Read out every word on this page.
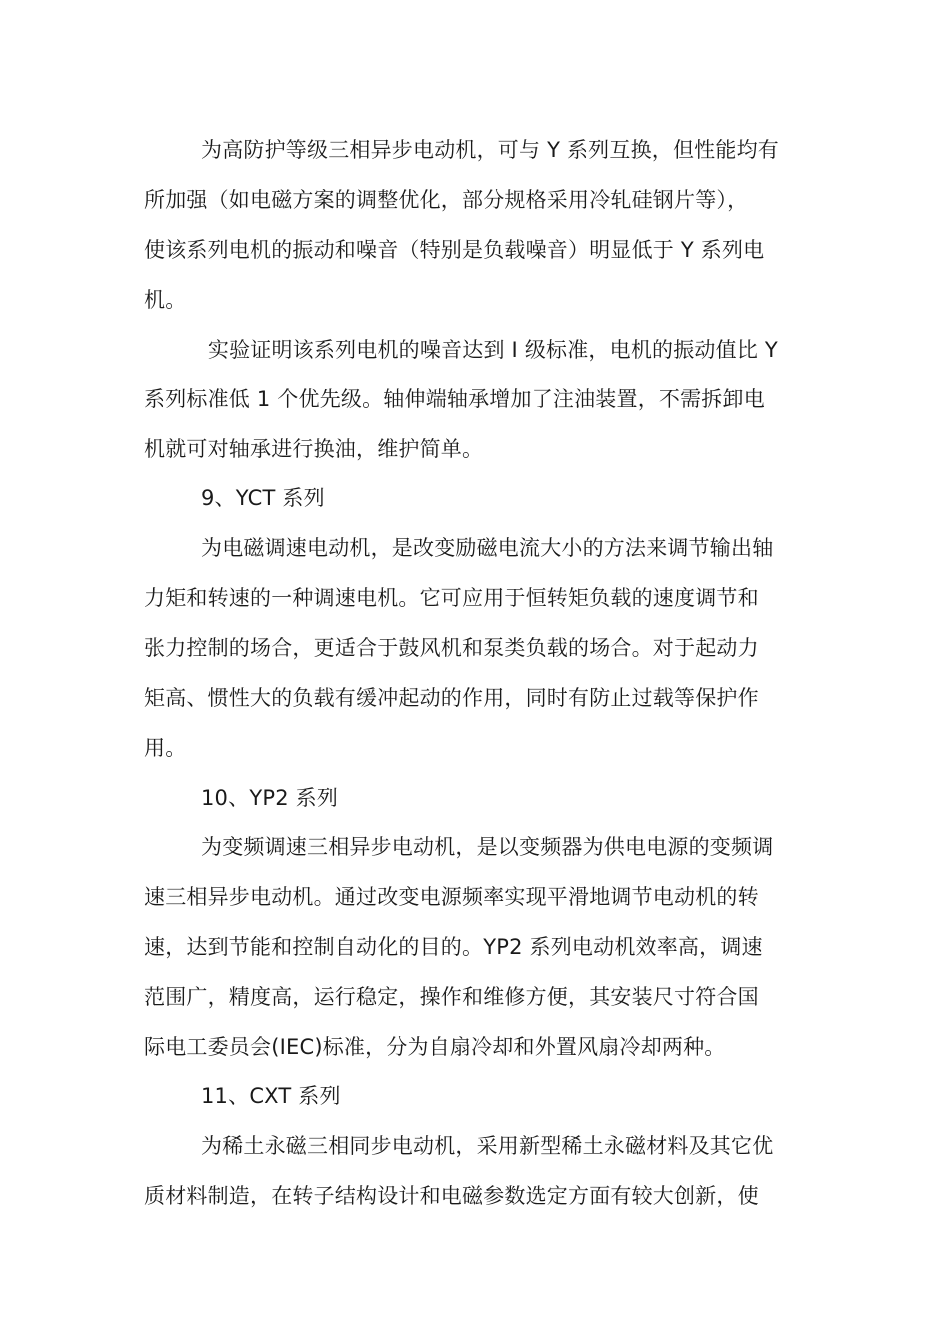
为高防护等级三相异步电动机，可与 Y 系列互换，但性能均有
所加强（如电磁方案的调整优化，部分规格采用冷轧硅钢片等），
使该系列电机的振动和噪音（特别是负载噪音）明显低于 Y 系列电
机。
实验证明该系列电机的噪音达到 I 级标准，电机的振动值比 Y
系列标准低 1 个优先级。轴伸端轴承增加了注油装置，不需拆卸电
机就可对轴承进行换油，维护简单。
9、YCT 系列
为电磁调速电动机，是改变励磁电流大小的方法来调节输出轴
力矩和转速的一种调速电机。它可应用于恒转矩负载的速度调节和
张力控制的场合，更适合于鼓风机和泵类负载的场合。对于起动力
矩高、惯性大的负载有缓冲起动的作用，同时有防止过载等保护作
用。
10、YP2 系列
为变频调速三相异步电动机，是以变频器为供电电源的变频调
速三相异步电动机。通过改变电源频率实现平滑地调节电动机的转
速，达到节能和控制自动化的目的。YP2 系列电动机效率高，调速
范围广，精度高，运行稳定，操作和维修方便，其安装尺寸符合国
际电工委员会(IEC)标准，分为自扇冷却和外置风扇冷却两种。
11、CXT 系列
为稀土永磁三相同步电动机，采用新型稀土永磁材料及其它优
质材料制造，在转子结构设计和电磁参数选定方面有较大创新，使
